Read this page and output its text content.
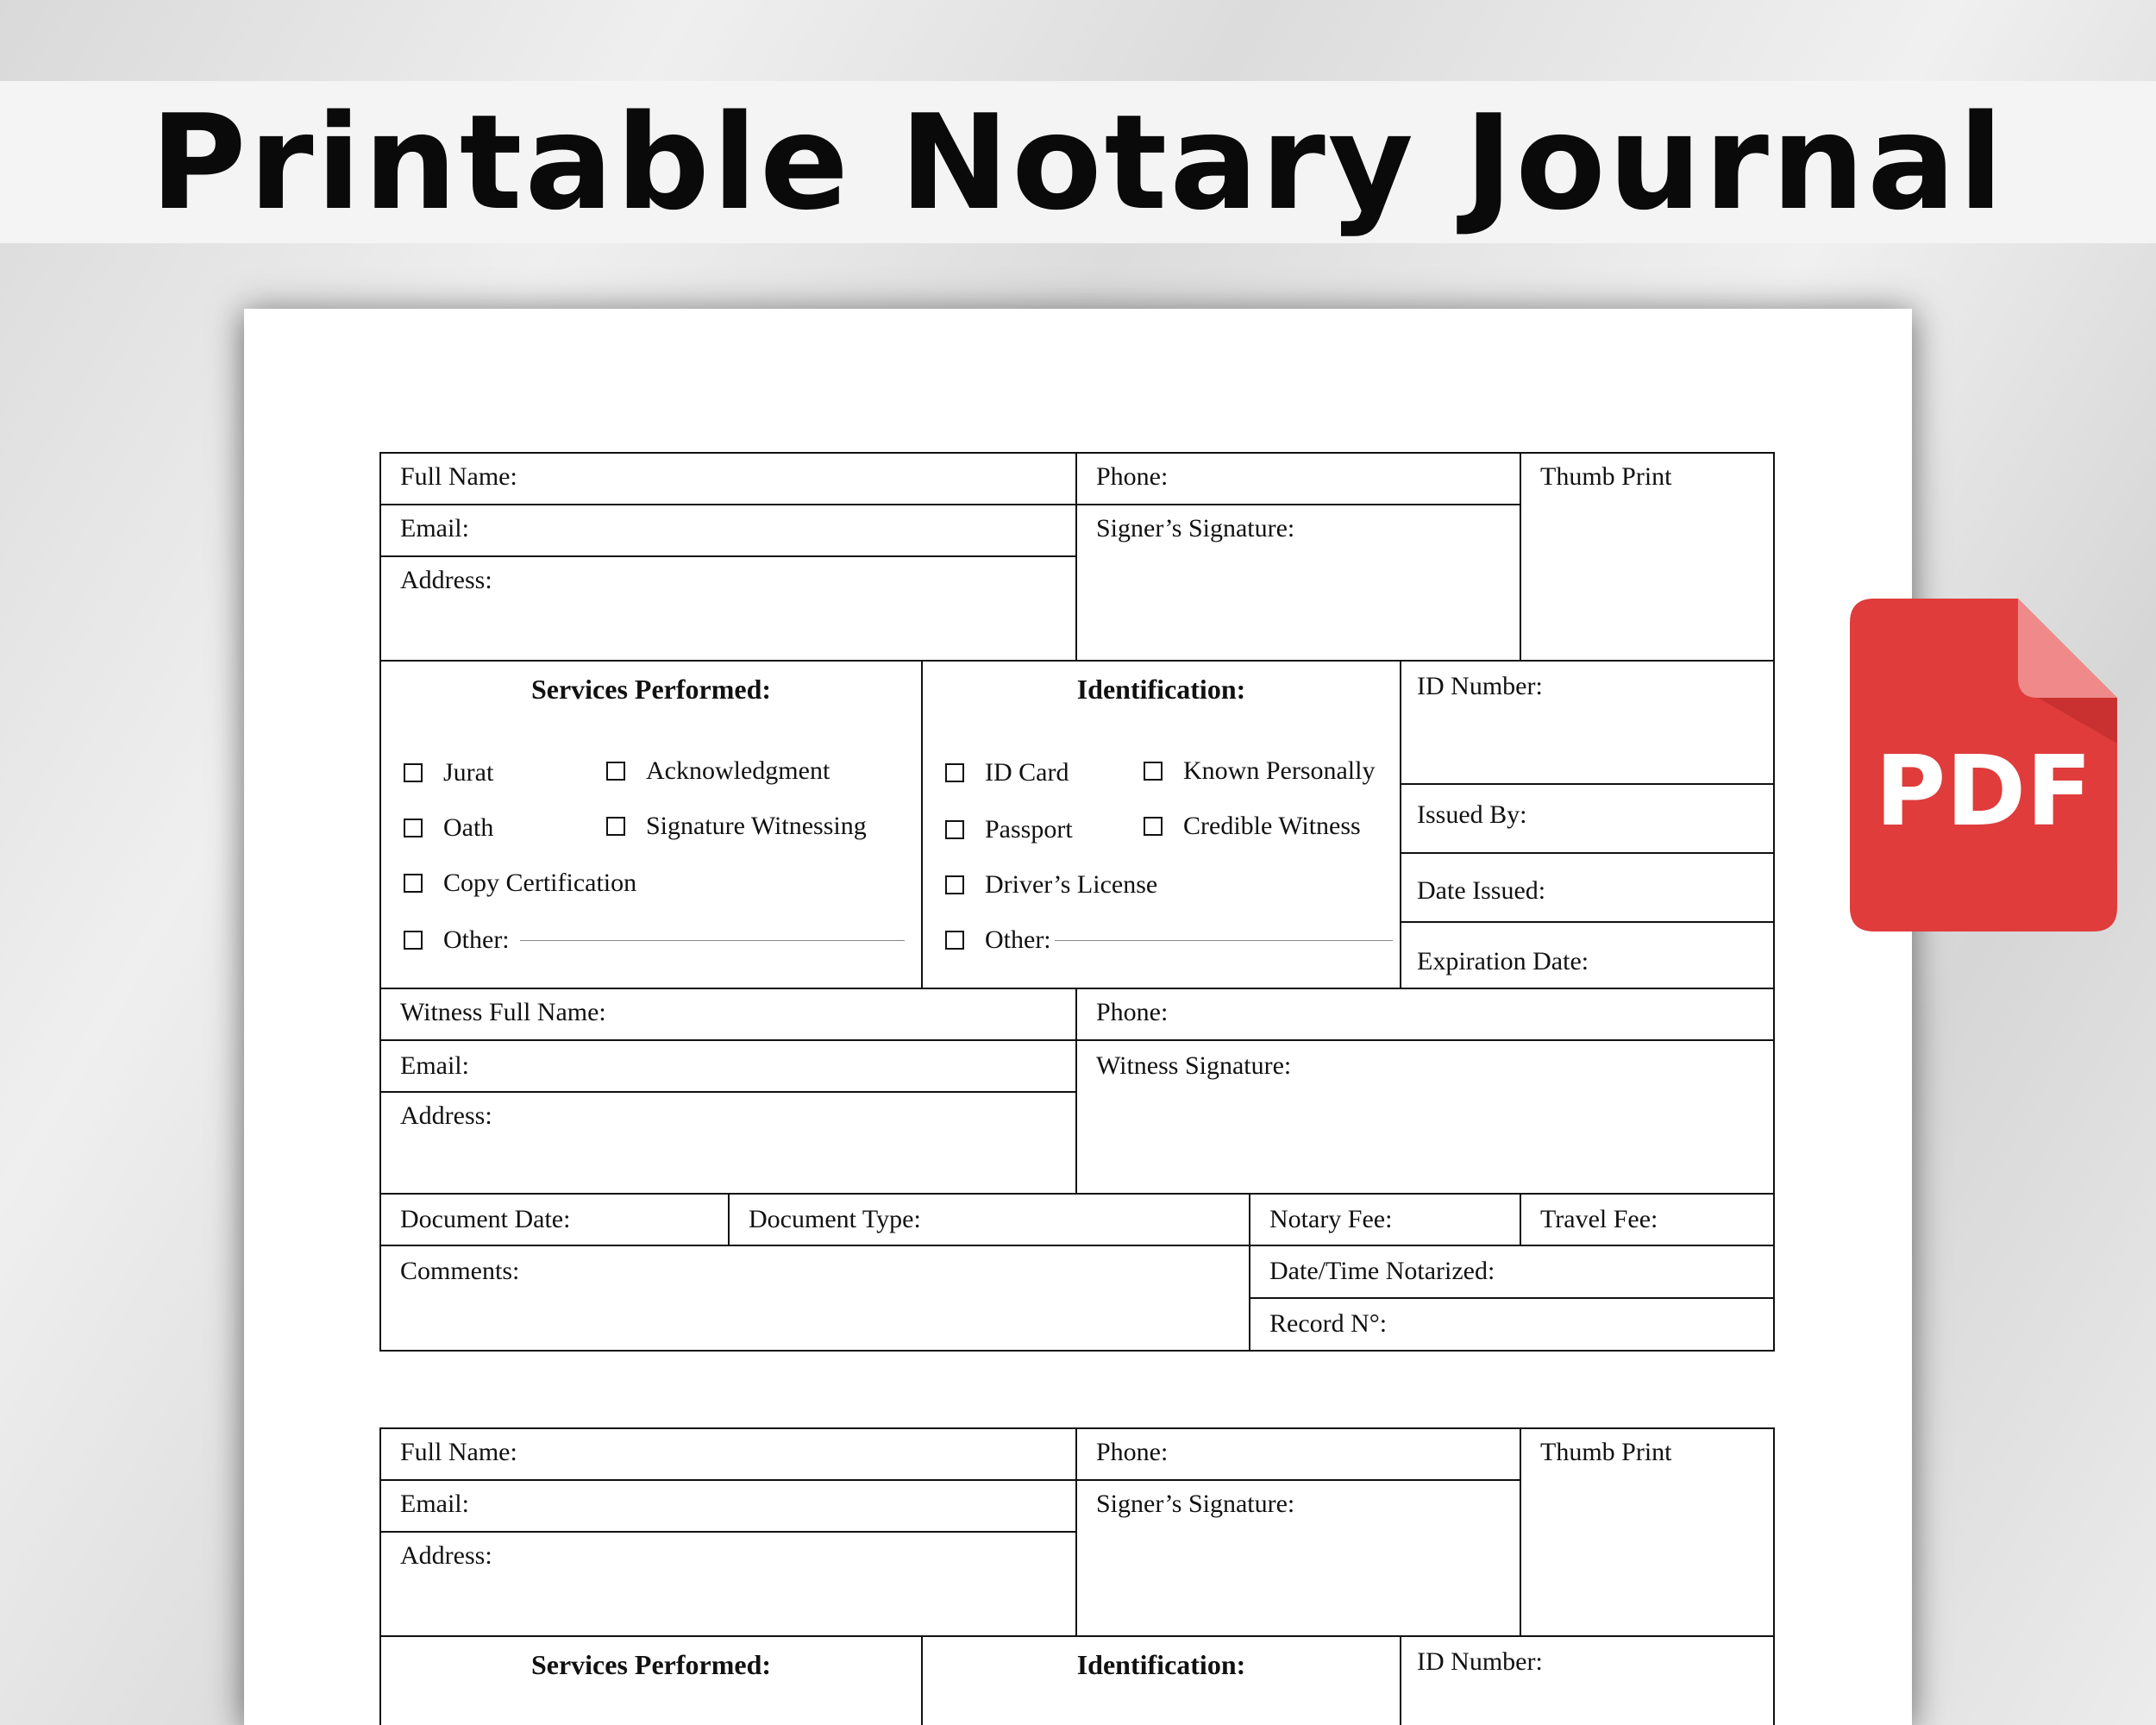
Printable Notary Journal
Full Name:	Phone:	Thumb Print
Email:	Signer’s Signature:
Address:
Services Performed:
Jurat	Acknowledgment
Oath	Signature Witnessing
Copy Certification
Other:
Identification:
ID Card	Known Personally
Passport	Credible Witness
Driver’s License
Other:
ID Number:
Issued By:
Date Issued:
Expiration Date:
Witness Full Name:	Phone:
Email:	Witness Signature:
Address:
Document Date:	Document Type:	Notary Fee:	Travel Fee:
Comments:	Date/Time Notarized:
Record N°:
Full Name:	Phone:	Thumb Print
Email:	Signer’s Signature:
Address:
Services Performed:	Identification:	ID Number:
PDF
